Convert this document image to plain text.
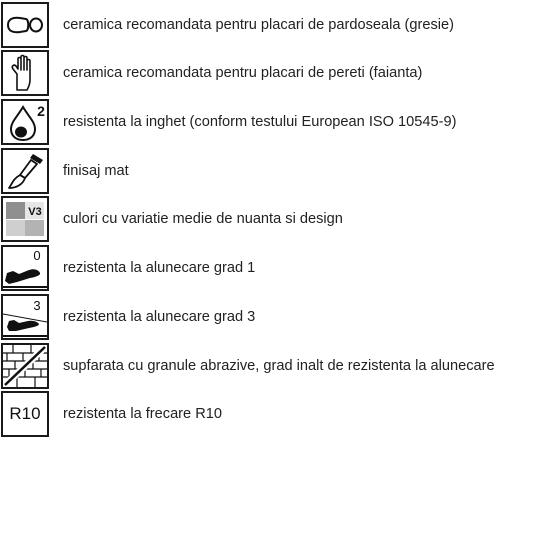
ceramica recomandata pentru placari de pardoseala (gresie)
ceramica recomandata pentru placari de pereti (faianta)
2
resistenta la inghet (conform testului European ISO 10545-9)
finisaj mat
V3 culori cu variatie medie de nuanta si design
0
rezistenta la alunecare grad 1
3
rezistenta la alunecare grad 3
supfarata cu granule abrazive, grad inalt de rezistenta la alunecare
R10	rezistenta la frecare R10
